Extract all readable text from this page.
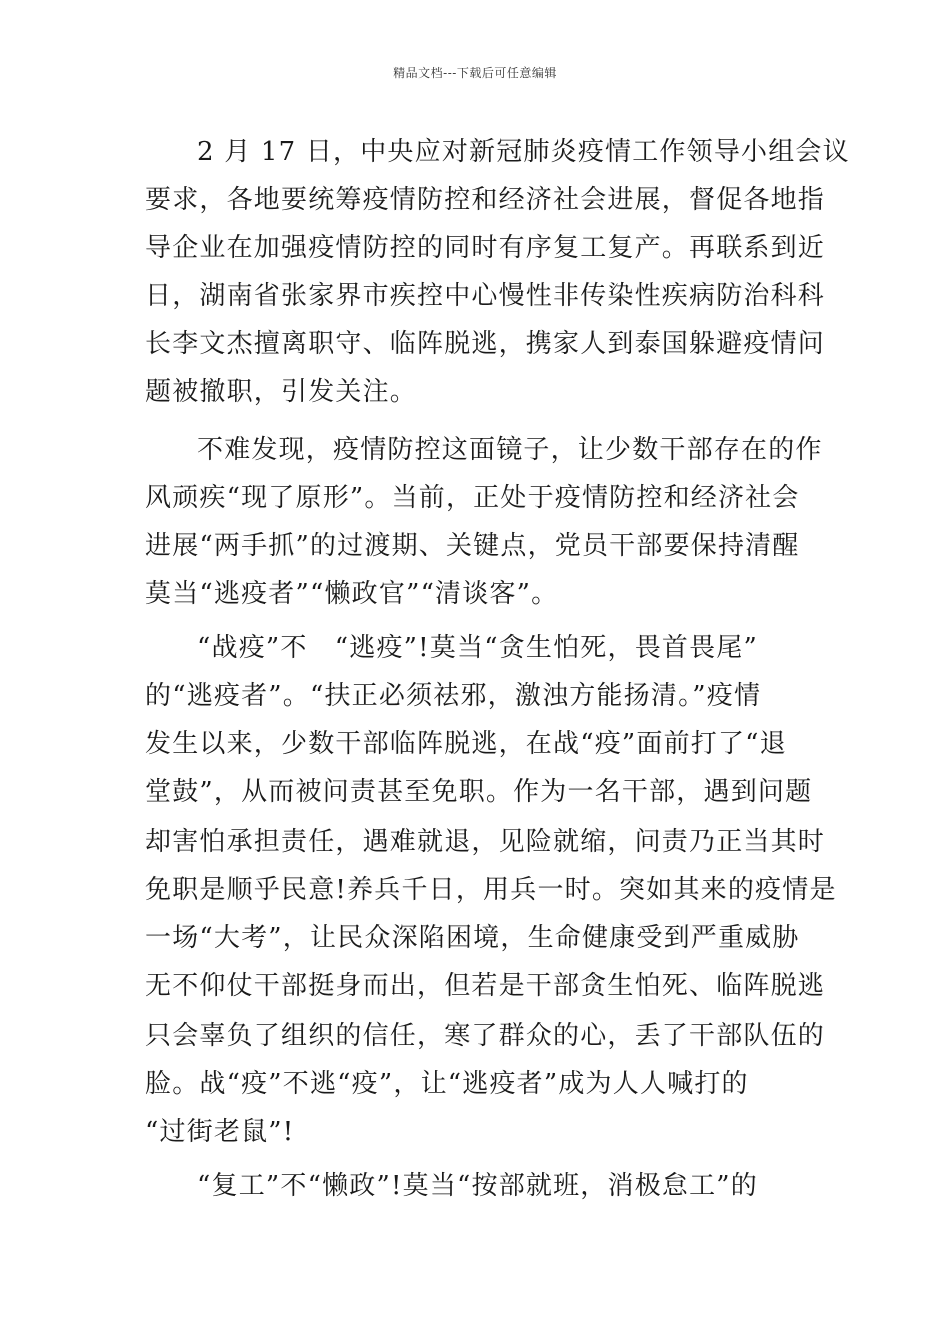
精品文档---下载后可任意编辑
2 月 17 日，中央应对新冠肺炎疫情工作领导小组会议
要求，各地要统筹疫情防控和经济社会进展，督促各地指
导企业在加强疫情防控的同时有序复工复产。再联系到近
日，湖南省张家界市疾控中心慢性非传染性疾病防治科科
长李文杰擅离职守、临阵脱逃，携家人到泰国躲避疫情问
题被撤职，引发关注。
不难发现，疫情防控这面镜子，让少数干部存在的作
风顽疾“现了原形”。当前，正处于疫情防控和经济社会
进展“两手抓”的过渡期、关键点，党员干部要保持清醒
莫当“逃疫者”“懒政官”“清谈客”。
“战疫”不　“逃疫”!莫当“贪生怕死，畏首畏尾”
的“逃疫者”。“扶正必须祛邪，激浊方能扬清。”疫情
发生以来，少数干部临阵脱逃，在战“疫”面前打了“退
堂鼓”，从而被问责甚至免职。作为一名干部，遇到问题
却害怕承担责任，遇难就退，见险就缩，问责乃正当其时
免职是顺乎民意!养兵千日，用兵一时。突如其来的疫情是
一场“大考”，让民众深陷困境，生命健康受到严重威胁
无不仰仗干部挺身而出，但若是干部贪生怕死、临阵脱逃
只会辜负了组织的信任，寒了群众的心，丢了干部队伍的
脸。战“疫”不逃“疫”，让“逃疫者”成为人人喊打的
“过街老鼠”!
“复工”不“懒政”!莫当“按部就班，消极怠工”的
